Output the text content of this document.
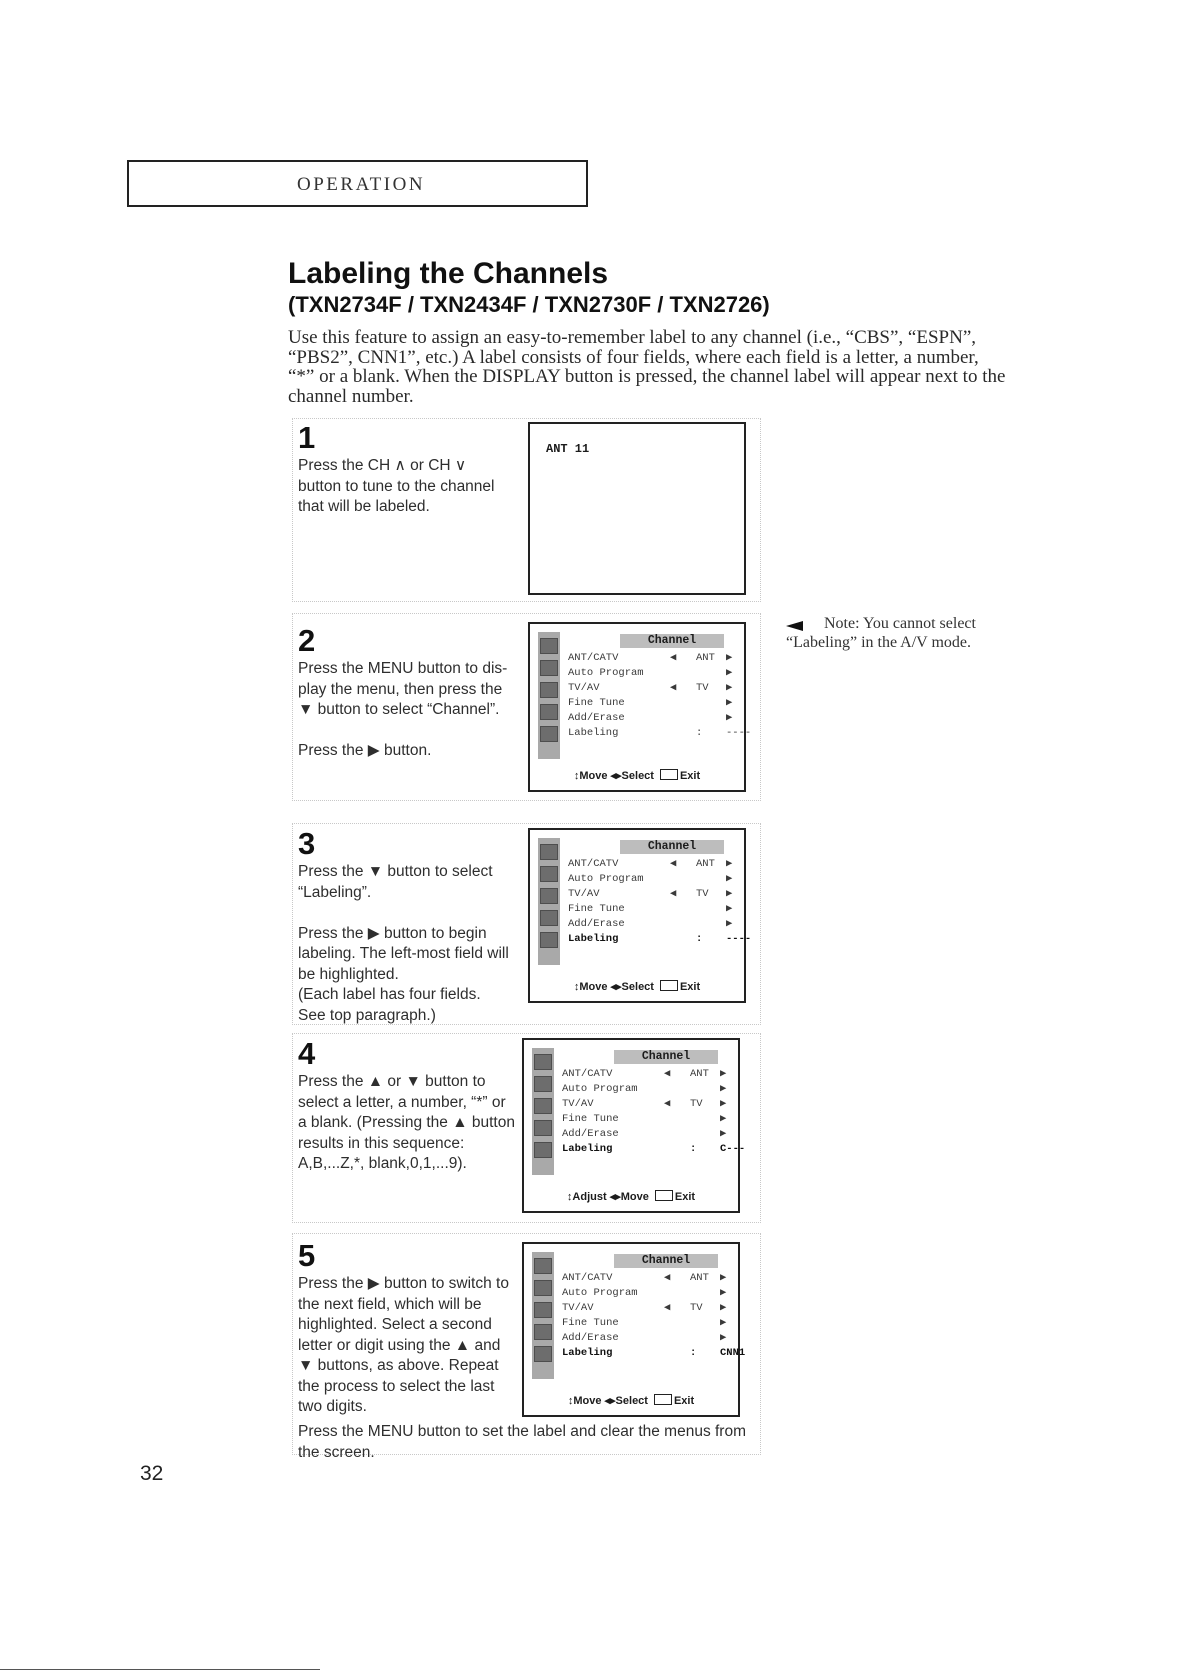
OPERATION
Labeling the Channels
(TXN2734F / TXN2434F / TXN2730F / TXN2726)
Use this feature to assign an easy-to-remember label to any channel (i.e., “CBS”, “ESPN”, “PBS2”, CNN1”, etc.) A label consists of four fields, where each field is a letter, a number, “*” or a blank. When the DISPLAY button is pressed, the channel label will appear next to the channel number.
1
Press the CH ∧ or CH ∨
button to tune to the channel
that will be labeled.
ANT 11
2
Press the MENU button to dis-
play the menu, then press the
▼ button to select “Channel”.

Press the ▶ button.
Channel
ANT/CATV	◀ ANT ▶
Auto Program	▶
TV/AV	◀ TV ▶
Fine Tune	▶
Add/Erase	▶
Labeling	: ----
↕Move ◂▸Select Exit
3
Press the ▼ button to select
“Labeling”.

Press the ▶ button to begin
labeling. The left-most field will
be highlighted.
(Each label has four fields.
See top paragraph.)
Channel
ANT/CATV	◀ ANT ▶
Auto Program	▶
TV/AV	◀ TV ▶
Fine Tune	▶
Add/Erase	▶
Labeling	: ----
↕Move ◂▸Select Exit
4
Press the ▲ or ▼ button to
select a letter, a number, “*” or
a blank. (Pressing the ▲ button
results in this sequence:
A,B,...Z,*, blank,0,1,...9).
Channel
ANT/CATV	◀ ANT ▶
Auto Program	▶
TV/AV	◀ TV ▶
Fine Tune	▶
Add/Erase	▶
Labeling	: C---
↕Adjust ◂▸Move Exit
5
Press the ▶ button to switch to
the next field, which will be
highlighted. Select a second
letter or digit using the ▲ and
▼ buttons, as above. Repeat
the process to select the last
two digits.
Channel
ANT/CATV	◀ ANT ▶
Auto Program	▶
TV/AV	◀ TV ▶
Fine Tune	▶
Add/Erase	▶
Labeling	: CNN1
↕Move ◂▸Select Exit
Press the MENU button to set the label and clear the menus from the screen.
Note: You cannot select “Labeling” in the A/V mode.
32
